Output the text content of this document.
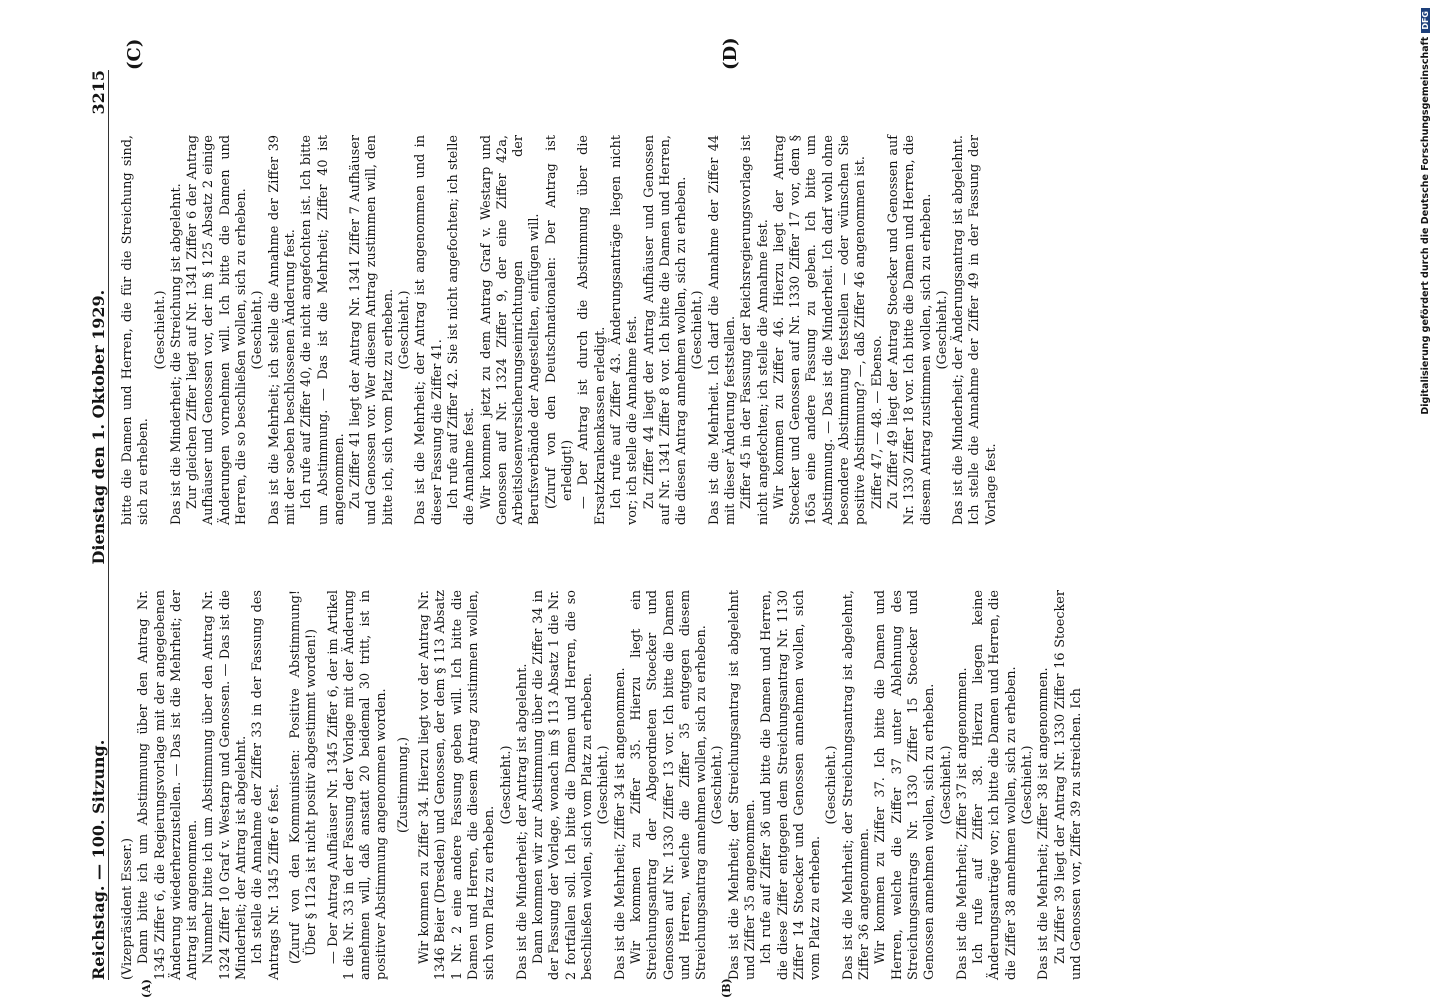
Reichstag. — 100. Sitzung.
Dienstag den 1. Oktober 1929.
3215
(A)	(B)
(C)	(D)

(Vizepräsident Esser.) Dann bitte ich um Abstimmung über den Antrag Nr. 1345 Ziffer 6, die Regierungsvorlage mit der angegebenen Änderung wiederherzustellen. — Das ist die Mehrheit; der Antrag ist angenommen. Nunmehr bitte ich um Abstimmung über den Antrag Nr. 1324 Ziffer 10 Graf v. Westarp und Genossen. — Das ist die Minderheit; der Antrag ist abgelehnt. Ich stelle die Annahme der Ziffer 33 in der Fassung des Antrags Nr. 1345 Ziffer 6 fest. (Zuruf von den Kommunisten: Positive Abstimmung! Über § 112a ist nicht positiv abgestimmt worden!) — Der Antrag Aufhäuser Nr. 1345 Ziffer 6, der im Artikel 1 die Nr. 33 in der Fassung der Vorlage mit der Änderung annehmen will, daß anstatt 20 beidemal 30 tritt, ist in positiver Abstimmung angenommen worden. (Zustimmung.) Wir kommen zu Ziffer 34. Hierzu liegt vor der Antrag Nr. 1346 Beier (Dresden) und Genossen, der dem § 113 Absatz 1 Nr. 2 eine andere Fassung geben will. Ich bitte die Damen und Herren, die diesem Antrag zustimmen wollen, sich vom Platz zu erheben.

(Geschieht.) Das ist die Minderheit; der Antrag ist abgelehnt. Dann kommen wir zur Abstimmung über die Ziffer 34 in der Fassung der Vorlage, wonach im § 113 Absatz 1 die Nr. 2 fortfallen soll. Ich bitte die Damen und Herren, die so beschließen wollen, sich vom Platz zu erheben. (Geschieht.) Das ist die Mehrheit; Ziffer 34 ist angenommen. Wir kommen zu Ziffer 35. Hierzu liegt ein Streichungsantrag der Abgeordneten Stoecker und Genossen auf Nr. 1330 Ziffer 13 vor. Ich bitte die Damen und Herren, welche die Ziffer 35 entgegen diesem Streichungsantrag annehmen wollen, sich zu erheben. (Geschieht.) Das ist die Mehrheit; der Streichungsantrag ist abgelehnt und Ziffer 35 angenommen. Ich rufe auf Ziffer 36 und bitte die Damen und Herren, die diese Ziffer entgegen dem Streichungsantrag Nr. 1130 Ziffer 14 Stoecker und Genossen annehmen wollen, sich vom Platz zu erheben.

(Geschieht.) Das ist die Mehrheit; der Streichungsantrag ist abgelehnt, Ziffer 36 angenommen. Wir kommen zu Ziffer 37. Ich bitte die Damen und Herren, welche die Ziffer 37 unter Ablehnung des Streichungsantrags Nr. 1330 Ziffer 15 Stoecker und Genossen annehmen wollen, sich zu erheben. (Geschieht.) Das ist die Mehrheit; Ziffer 37 ist angenommen. Ich rufe auf Ziffer 38. Hierzu liegen keine Änderungsanträge vor; ich bitte die Damen und Herren, die die Ziffer 38 annehmen wollen, sich zu erheben. (Geschieht.) Das ist die Mehrheit; Ziffer 38 ist angenommen. Zu Ziffer 39 liegt der Antrag Nr. 1330 Ziffer 16 Stoecker und Genossen vor, Ziffer 39 zu streichen. Ich

bitte die Damen und Herren, die für die Streichung sind, sich zu erheben.

(Geschieht.) Das ist die Minderheit; die Streichung ist abgelehnt. Zur gleichen Ziffer liegt auf Nr. 1341 Ziffer 6 der Antrag Aufhäuser und Genossen vor, der im § 125 Absatz 2 einige Änderungen vornehmen will. Ich bitte die Damen und Herren, die so beschließen wollen, sich zu erheben. (Geschieht.) Das ist die Mehrheit; ich stelle die Annahme der Ziffer 39 mit der soeben beschlossenen Änderung fest. Ich rufe auf Ziffer 40, die nicht angefochten ist. Ich bitte um Abstimmung. — Das ist die Mehrheit; Ziffer 40 ist angenommen. Zu Ziffer 41 liegt der Antrag Nr. 1341 Ziffer 7 Aufhäuser und Genossen vor. Wer diesem Antrag zustimmen will, den bitte ich, sich vom Platz zu erheben. (Geschieht.) Das ist die Mehrheit; der Antrag ist angenommen und in dieser Fassung die Ziffer 41. Ich rufe auf Ziffer 42. Sie ist nicht angefochten; ich stelle die Annahme fest. Wir kommen jetzt zu dem Antrag Graf v. Westarp und Genossen auf Nr. 1324 Ziffer 9, der eine Ziffer 42a, Arbeitslosenversicherungseinrichtungen der Berufsverbände der Angestellten, einfügen will. (Zuruf von den Deutschnationalen: Der Antrag ist erledigt!) — Der Antrag ist durch die Abstimmung über die Ersatzkrankenkassen erledigt. Ich rufe auf Ziffer 43. Änderungsanträge liegen nicht vor; ich stelle die Annahme fest. Zu Ziffer 44 liegt der Antrag Aufhäuser und Genossen auf Nr. 1341 Ziffer 8 vor. Ich bitte die Damen und Herren, die diesen Antrag annehmen wollen, sich zu erheben. (Geschieht.) Das ist die Mehrheit. Ich darf die Annahme der Ziffer 44 mit dieser Änderung feststellen. Ziffer 45 in der Fassung der Reichsregierungsvorlage ist nicht angefochten; ich stelle die Annahme fest. Wir kommen zu Ziffer 46. Hierzu liegt der Antrag Stoecker und Genossen auf Nr. 1330 Ziffer 17 vor, dem § 165a eine andere Fassung zu geben. Ich bitte um Abstimmung. — Das ist die Minderheit. Ich darf wohl ohne besondere Abstimmung feststellen — oder wünschen Sie positive Abstimmung? —, daß Ziffer 46 angenommen ist. Ziffer 47, — 48. — Ebenso. Zu Ziffer 49 liegt der Antrag Stoecker und Genossen auf Nr. 1330 Ziffer 18 vor. Ich bitte die Damen und Herren, die diesem Antrag zustimmen wollen, sich zu erheben. (Geschieht.) Das ist die Minderheit; der Änderungsantrag ist abgelehnt. Ich stelle die Annahme der Ziffer 49 in der Fassung der Vorlage fest.

Digitalisierung gefördert durch die Deutsche Forschungsgemeinschaft
DFG
